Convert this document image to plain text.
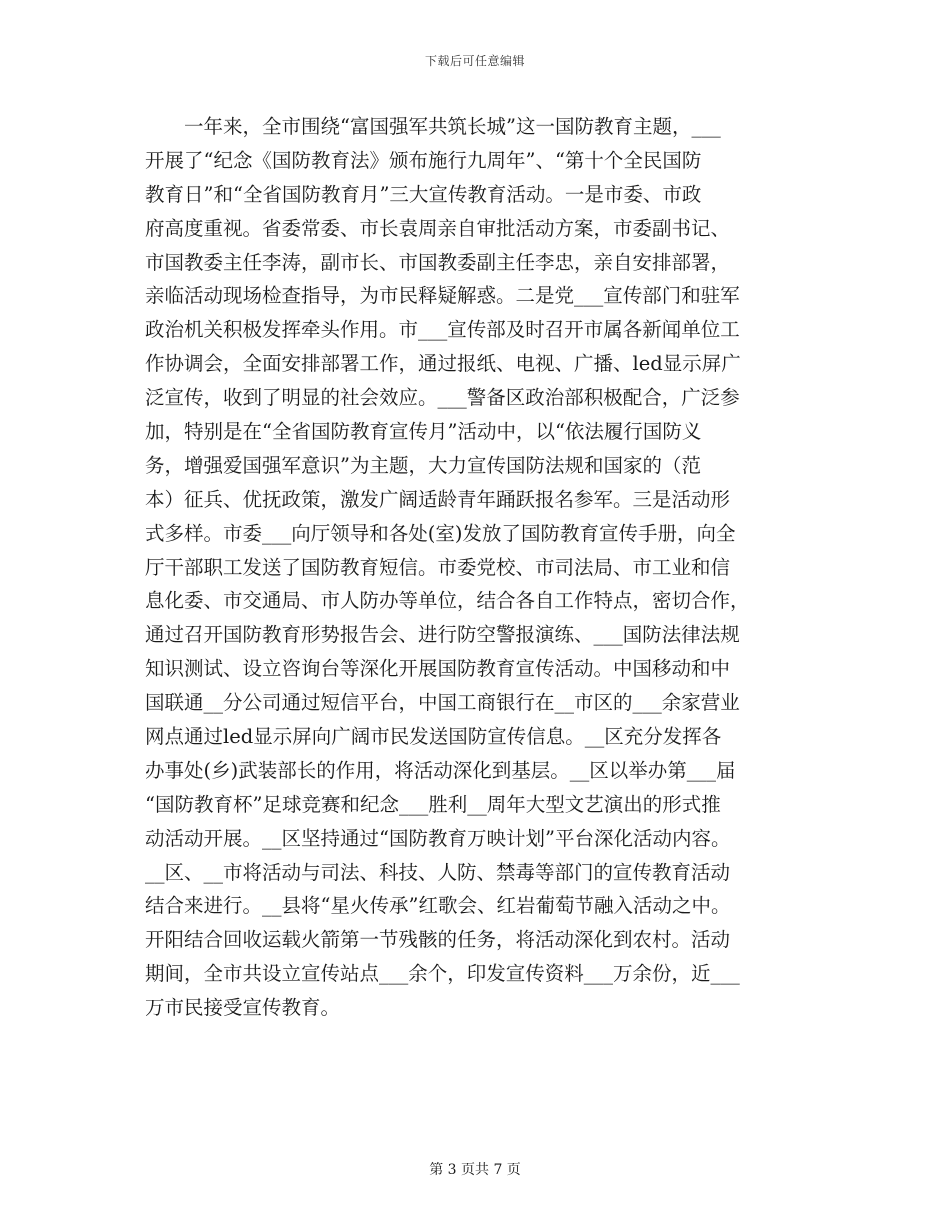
下载后可任意编辑
　　一年来，全市围绕“富国强军共筑长城”这一国防教育主题，___
开展了“纪念《国防教育法》颁布施行九周年”、“第十个全民国防
教育日”和“全省国防教育月”三大宣传教育活动。一是市委、市政
府高度重视。省委常委、市长袁周亲自审批活动方案，市委副书记、
市国教委主任李涛，副市长、市国教委副主任李忠，亲自安排部署，
亲临活动现场检查指导，为市民释疑解惑。二是党___宣传部门和驻军
政治机关积极发挥牵头作用。市___宣传部及时召开市属各新闻单位工
作协调会，全面安排部署工作，通过报纸、电视、广播、led显示屏广
泛宣传，收到了明显的社会效应。___警备区政治部积极配合，广泛参
加，特别是在“全省国防教育宣传月”活动中，以“依法履行国防义
务，增强爱国强军意识”为主题，大力宣传国防法规和国家的（范
本）征兵、优抚政策，激发广阔适龄青年踊跃报名参军。三是活动形
式多样。市委___向厅领导和各处(室)发放了国防教育宣传手册，向全
厅干部职工发送了国防教育短信。市委党校、市司法局、市工业和信
息化委、市交通局、市人防办等单位，结合各自工作特点，密切合作，
通过召开国防教育形势报告会、进行防空警报演练、___国防法律法规
知识测试、设立咨询台等深化开展国防教育宣传活动。中国移动和中
国联通__分公司通过短信平台，中国工商银行在__市区的___余家营业
网点通过led显示屏向广阔市民发送国防宣传信息。__区充分发挥各
办事处(乡)武装部长的作用，将活动深化到基层。__区以举办第___届
“国防教育杯”足球竞赛和纪念___胜利__周年大型文艺演出的形式推
动活动开展。__区坚持通过“国防教育万映计划”平台深化活动内容。
__区、__市将活动与司法、科技、人防、禁毒等部门的宣传教育活动
结合来进行。__县将“星火传承”红歌会、红岩葡萄节融入活动之中。
开阳结合回收运载火箭第一节残骸的任务，将活动深化到农村。活动
期间，全市共设立宣传站点___余个，印发宣传资料___万余份，近___
万市民接受宣传教育。
第 3 页共 7 页
